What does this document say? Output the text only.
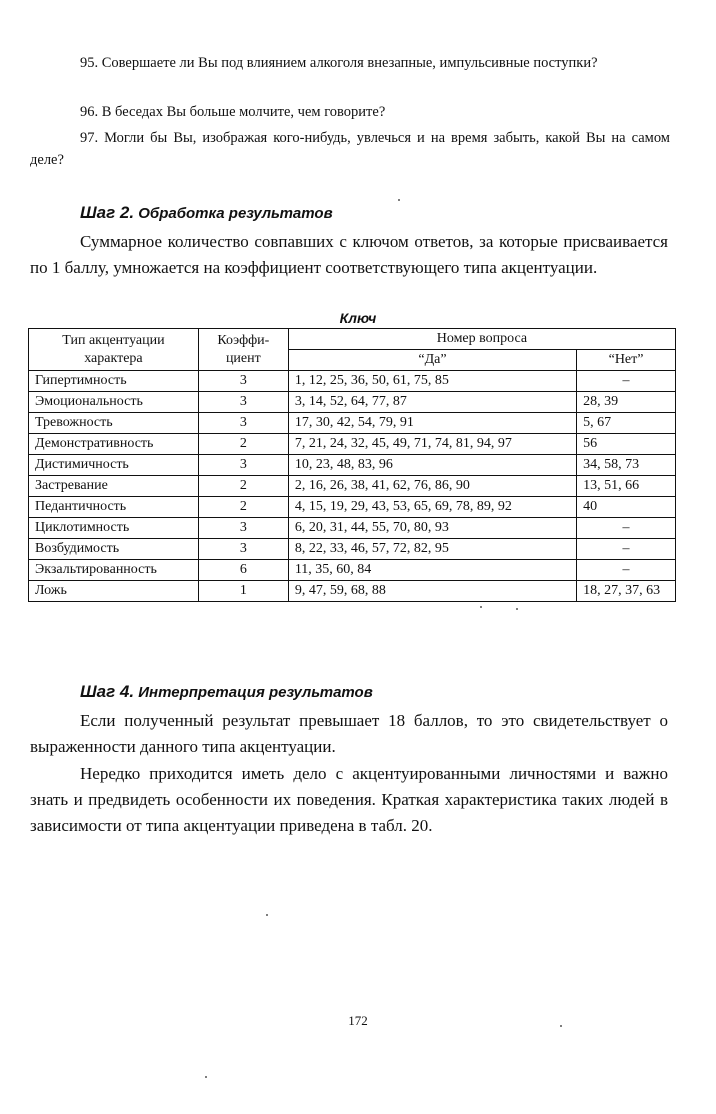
95. Совершаете ли Вы под влиянием алкоголя внезапные, импульсивные поступки?

96. В беседах Вы больше молчите, чем говорите?

97. Могли бы Вы, изображая кого-нибудь, увлечься и на время забыть, какой Вы на самом деле?

Шаг 2. Обработка результатов

Суммарное количество совпавших с ключом ответов, за которые присваивается по 1 баллу, умножается на коэффициент соответствующего типа акцентуации.

Ключ
Тип акцентуации характера	Коэффи-циент	Номер вопроса	
		“Да”	“Нет”
Гипертимность	3	1, 12, 25, 36, 50, 61, 75, 85	–
Эмоциональность	3	3, 14, 52, 64, 77, 87	28, 39
Тревожность	3	17, 30, 42, 54, 79, 91	5, 67
Демонстративность	2	7, 21, 24, 32, 45, 49, 71, 74, 81, 94, 97	56
Дистимичность	3	10, 23, 48, 83, 96	34, 58, 73
Застревание	2	2, 16, 26, 38, 41, 62, 76, 86, 90	13, 51, 66
Педантичность	2	4, 15, 19, 29, 43, 53, 65, 69, 78, 89, 92	40
Циклотимность	3	6, 20, 31, 44, 55, 70, 80, 93	–
Возбудимость	3	8, 22, 33, 46, 57, 72, 82, 95	–
Экзальтированность	6	11, 35, 60, 84	–
Ложь	1	9, 47, 59, 68, 88	18, 27, 37, 63
Шаг 4. Интерпретация результатов

Если полученный результат превышает 18 баллов, то это свидетельствует о выраженности данного типа акцентуации.

Нередко приходится иметь дело с акцентуированными личностями и важно знать и предвидеть особенности их поведения. Краткая характеристика таких людей в зависимости от типа акцентуации приведена в табл. 20.

172
